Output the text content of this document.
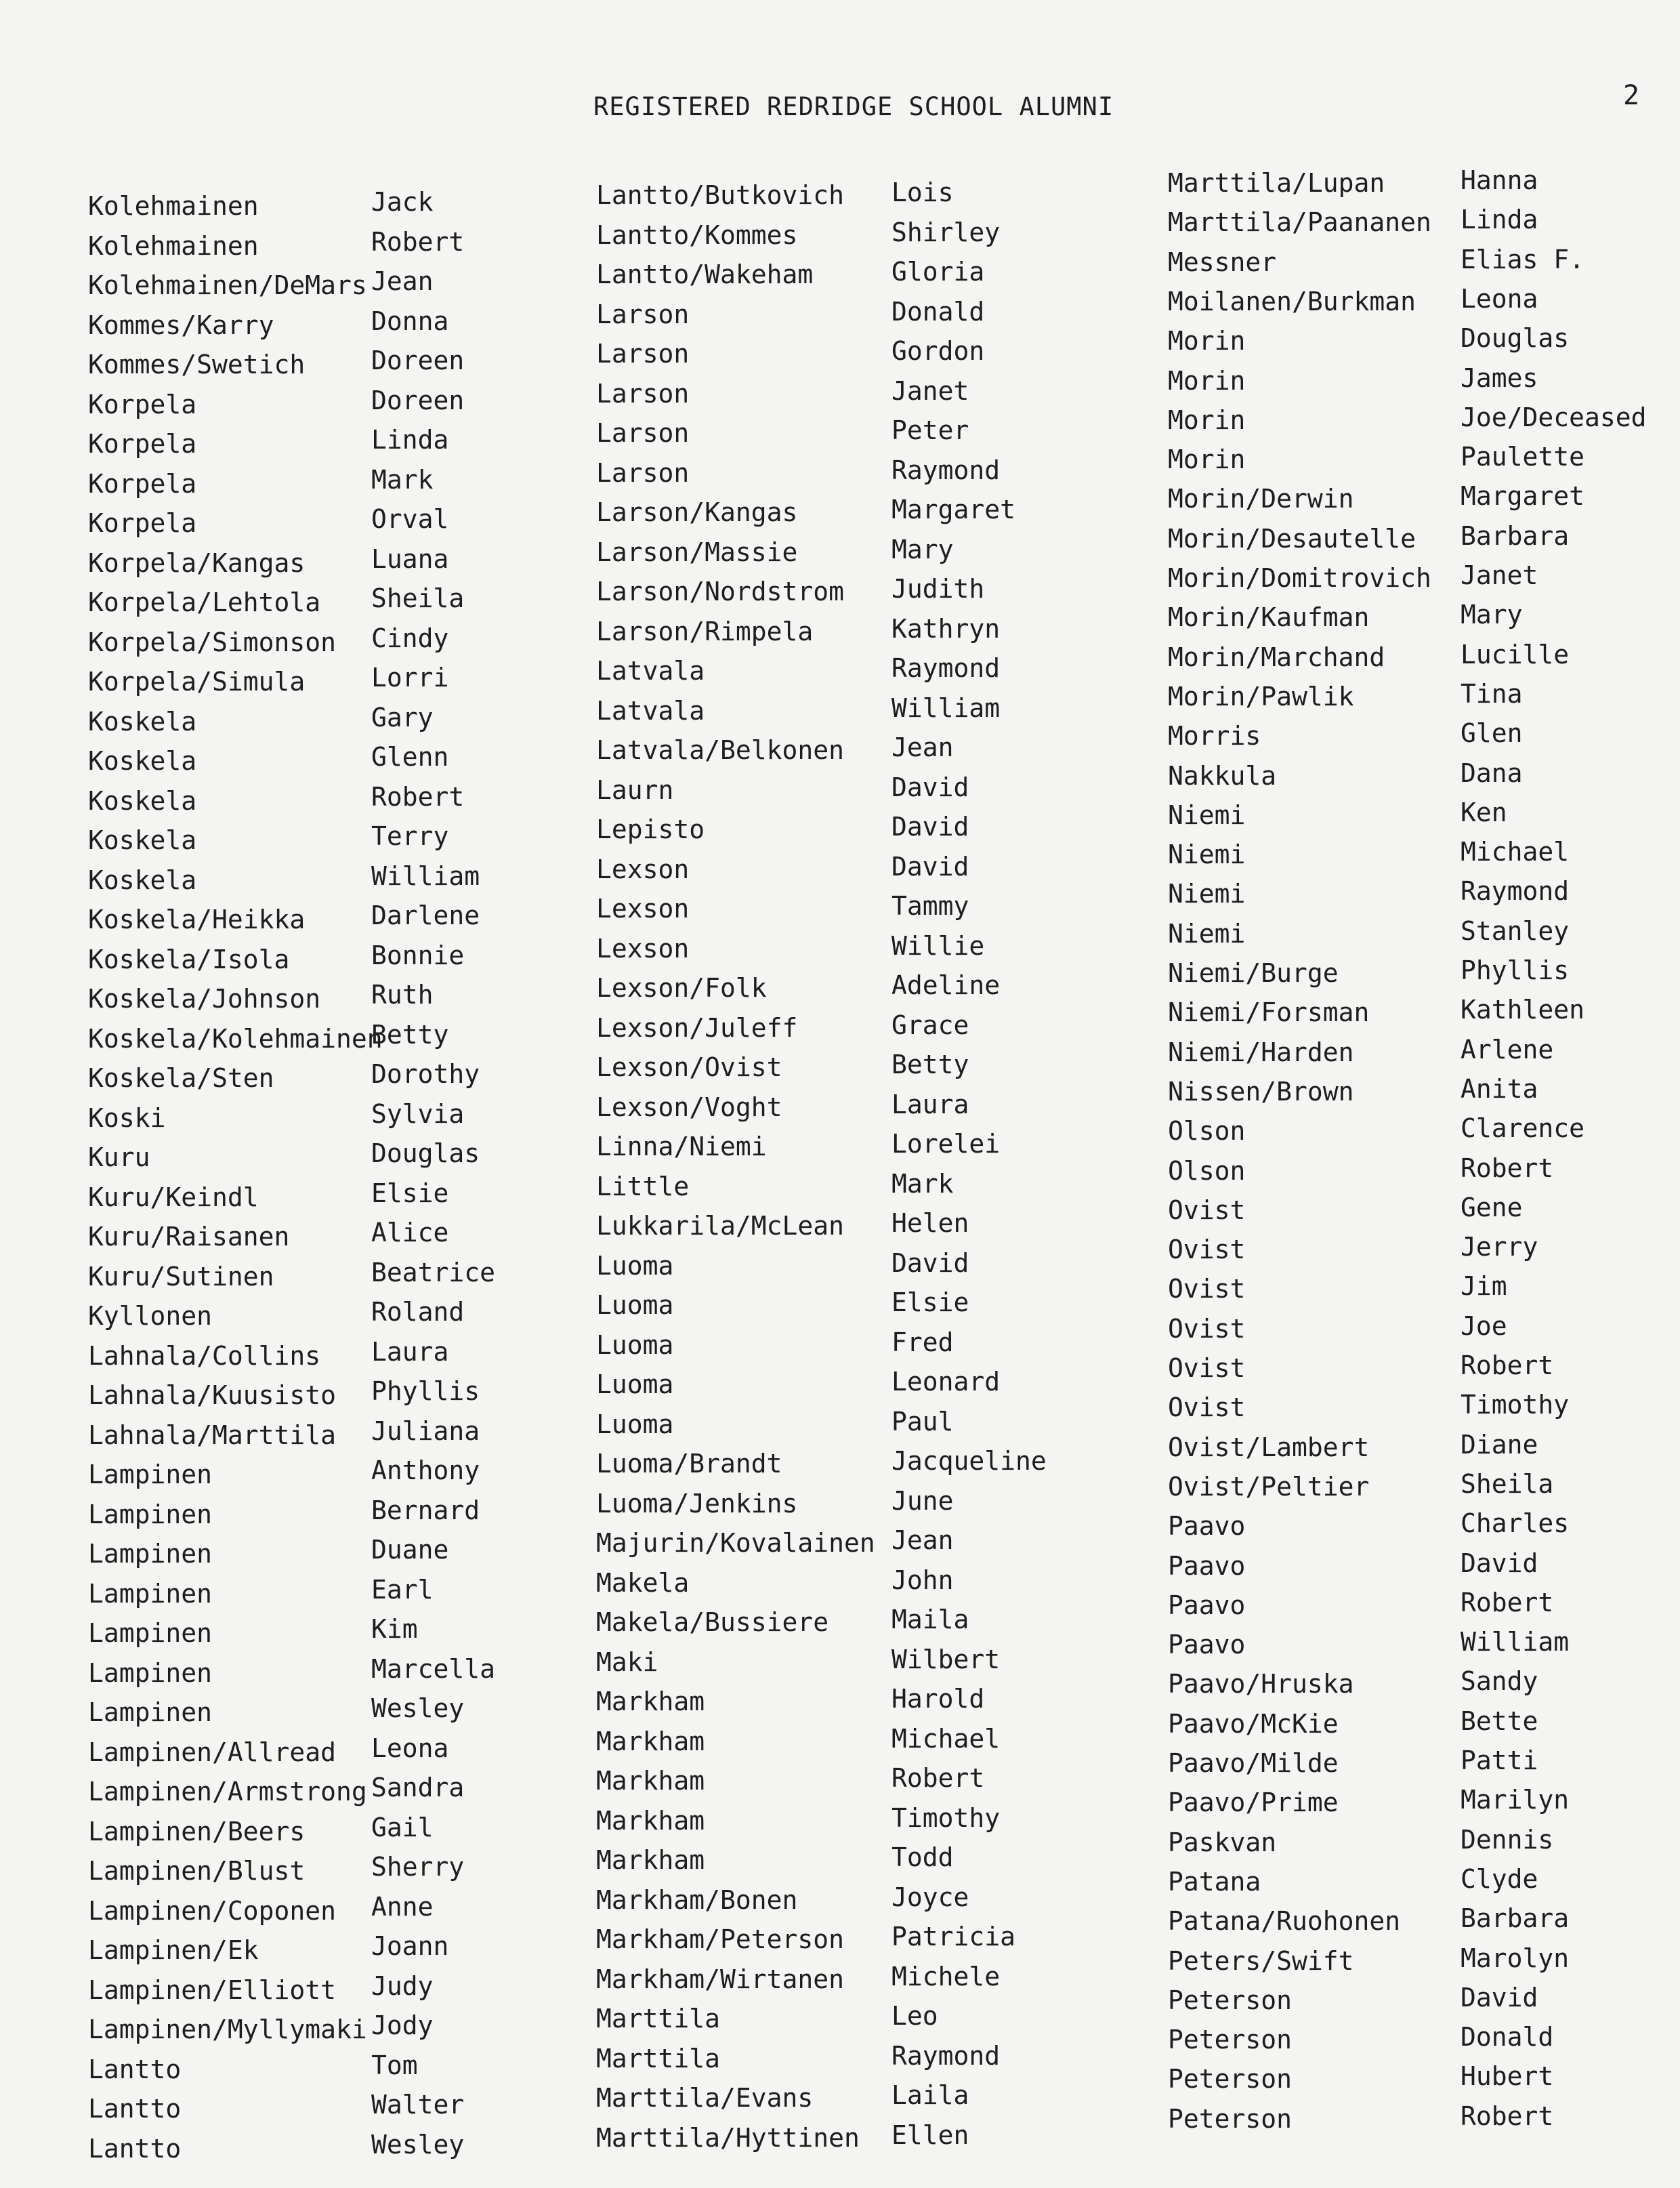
REGISTERED REDRIDGE SCHOOL ALUMNI	2
Kolehmainen
Kolehmainen
Kolehmainen/DeMars
Kommes/Karry
Kommes/Swetich
Korpela
Korpela
Korpela
Korpela
Korpela/Kangas
Korpela/Lehtola
Korpela/Simonson
Korpela/Simula
Koskela
Koskela
Koskela
Koskela
Koskela
Koskela/Heikka
Koskela/Isola
Koskela/Johnson
Koskela/Kolehmainen
Koskela/Sten
Koski
Kuru
Kuru/Keindl
Kuru/Raisanen
Kuru/Sutinen
Kyllonen
Lahnala/Collins
Lahnala/Kuusisto
Lahnala/Marttila
Lampinen
Lampinen
Lampinen
Lampinen
Lampinen
Lampinen
Lampinen
Lampinen/Allread
Lampinen/Armstrong
Lampinen/Beers
Lampinen/Blust
Lampinen/Coponen
Lampinen/Ek
Lampinen/Elliott
Lampinen/Myllymaki
Lantto
Lantto
Lantto
Jack
Robert
Jean
Donna
Doreen
Doreen
Linda
Mark
Orval
Luana
Sheila
Cindy
Lorri
Gary
Glenn
Robert
Terry
William
Darlene
Bonnie
Ruth
Betty
Dorothy
Sylvia
Douglas
Elsie
Alice
Beatrice
Roland
Laura
Phyllis
Juliana
Anthony
Bernard
Duane
Earl
Kim
Marcella
Wesley
Leona
Sandra
Gail
Sherry
Anne
Joann
Judy
Jody
Tom
Walter
Wesley
Lantto/Butkovich
Lantto/Kommes
Lantto/Wakeham
Larson
Larson
Larson
Larson
Larson
Larson/Kangas
Larson/Massie
Larson/Nordstrom
Larson/Rimpela
Latvala
Latvala
Latvala/Belkonen
Laurn
Lepisto
Lexson
Lexson
Lexson
Lexson/Folk
Lexson/Juleff
Lexson/Ovist
Lexson/Voght
Linna/Niemi
Little
Lukkarila/McLean
Luoma
Luoma
Luoma
Luoma
Luoma
Luoma/Brandt
Luoma/Jenkins
Majurin/Kovalainen
Makela
Makela/Bussiere
Maki
Markham
Markham
Markham
Markham
Markham
Markham/Bonen
Markham/Peterson
Markham/Wirtanen
Marttila
Marttila
Marttila/Evans
Marttila/Hyttinen
Lois
Shirley
Gloria
Donald
Gordon
Janet
Peter
Raymond
Margaret
Mary
Judith
Kathryn
Raymond
William
Jean
David
David
David
Tammy
Willie
Adeline
Grace
Betty
Laura
Lorelei
Mark
Helen
David
Elsie
Fred
Leonard
Paul
Jacqueline
June
Jean
John
Maila
Wilbert
Harold
Michael
Robert
Timothy
Todd
Joyce
Patricia
Michele
Leo
Raymond
Laila
Ellen
Marttila/Lupan
Marttila/Paananen
Messner
Moilanen/Burkman
Morin
Morin
Morin
Morin
Morin/Derwin
Morin/Desautelle
Morin/Domitrovich
Morin/Kaufman
Morin/Marchand
Morin/Pawlik
Morris
Nakkula
Niemi
Niemi
Niemi
Niemi
Niemi/Burge
Niemi/Forsman
Niemi/Harden
Nissen/Brown
Olson
Olson
Ovist
Ovist
Ovist
Ovist
Ovist
Ovist
Ovist/Lambert
Ovist/Peltier
Paavo
Paavo
Paavo
Paavo
Paavo/Hruska
Paavo/McKie
Paavo/Milde
Paavo/Prime
Paskvan
Patana
Patana/Ruohonen
Peters/Swift
Peterson
Peterson
Peterson
Peterson
Hanna
Linda
Elias F.
Leona
Douglas
James
Joe/Deceased
Paulette
Margaret
Barbara
Janet
Mary
Lucille
Tina
Glen
Dana
Ken
Michael
Raymond
Stanley
Phyllis
Kathleen
Arlene
Anita
Clarence
Robert
Gene
Jerry
Jim
Joe
Robert
Timothy
Diane
Sheila
Charles
David
Robert
William
Sandy
Bette
Patti
Marilyn
Dennis
Clyde
Barbara
Marolyn
David
Donald
Hubert
Robert
